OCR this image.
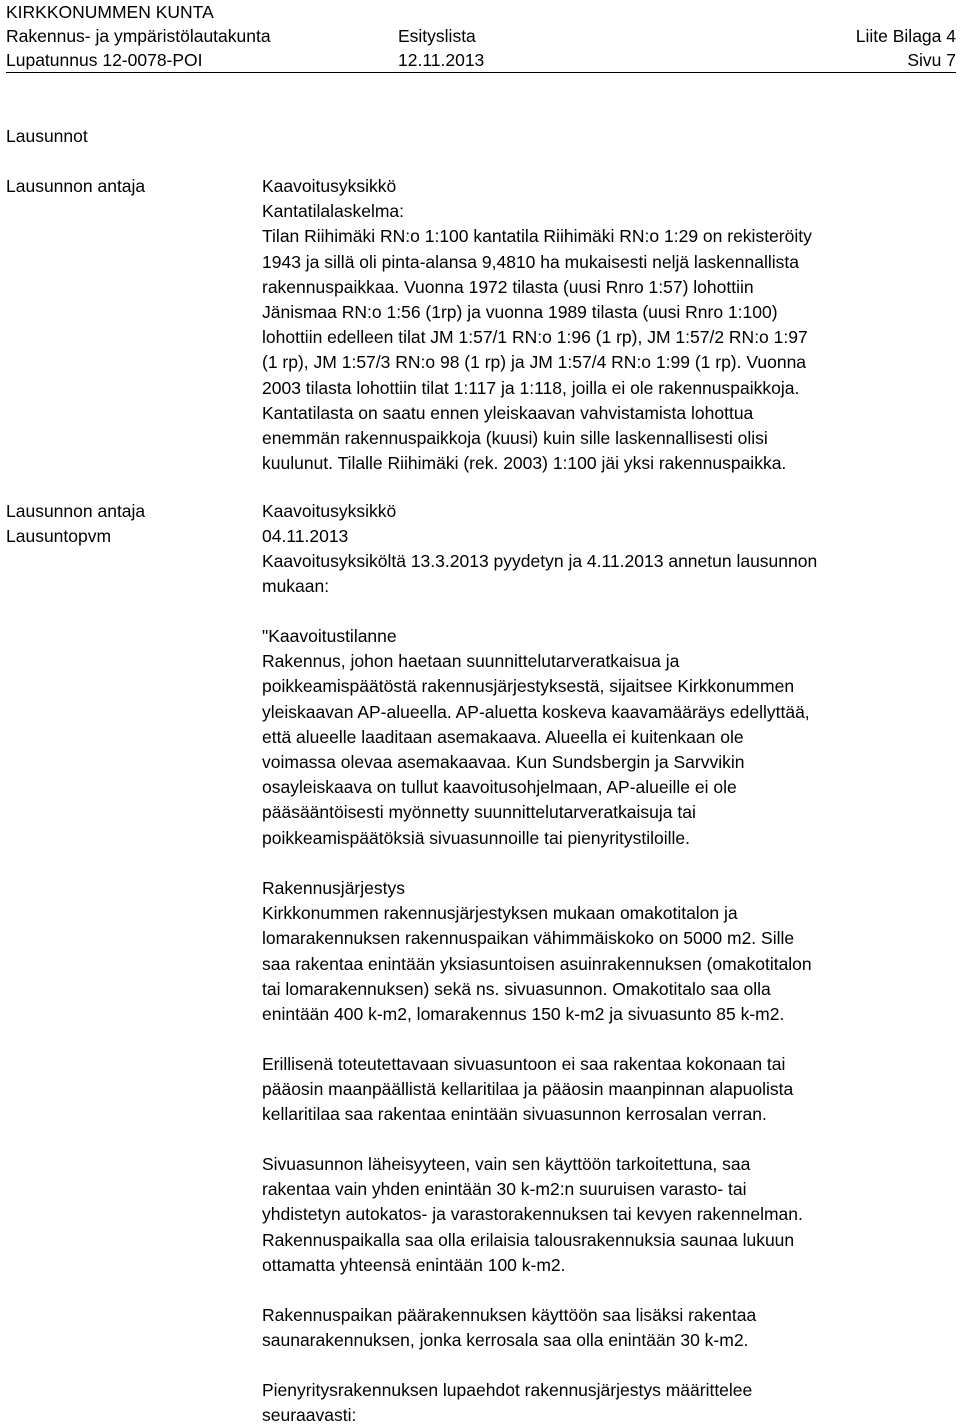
KIRKKONUMMEN KUNTA
Rakennus- ja ympäristölautakunta	Esityslista	Liite Bilaga 4
Lupatunnus 12-0078-POI	12.11.2013	Sivu 7
Lausunnot
Lausunnon antaja	Kaavoitusyksikkö
Kantatilalaskelma:
Tilan Riihimäki RN:o 1:100 kantatila Riihimäki RN:o 1:29 on rekisteröity
1943 ja sillä oli pinta-alansa 9,4810 ha mukaisesti neljä laskennallista
rakennuspaikkaa. Vuonna 1972 tilasta (uusi Rnro 1:57) lohottiin
Jänismaa RN:o 1:56 (1rp) ja vuonna 1989 tilasta (uusi Rnro 1:100)
lohottiin edelleen tilat JM 1:57/1 RN:o 1:96 (1 rp), JM 1:57/2 RN:o 1:97
(1 rp), JM 1:57/3 RN:o 98 (1 rp) ja JM 1:57/4 RN:o 1:99 (1 rp). Vuonna
2003 tilasta lohottiin tilat 1:117 ja 1:118, joilla ei ole rakennuspaikkoja.
Kantatilasta on saatu ennen yleiskaavan vahvistamista lohottua
enemmän rakennuspaikkoja (kuusi) kuin sille laskennallisesti olisi
kuulunut. Tilalle Riihimäki (rek. 2003) 1:100 jäi yksi rakennuspaikka.
Lausunnon antaja	Kaavoitusyksikkö
Lausuntopvm	04.11.2013
Kaavoitusyksiköltä 13.3.2013 pyydetyn ja 4.11.2013 annetun lausunnon
mukaan:
"Kaavoitustilanne
Rakennus, johon haetaan suunnittelutarveratkaisua ja
poikkeamispäätöstä rakennusjärjestyksestä, sijaitsee Kirkkonummen
yleiskaavan AP-alueella. AP-aluetta koskeva kaavamääräys edellyttää,
että alueelle laaditaan asemakaava. Alueella ei kuitenkaan ole
voimassa olevaa asemakaavaa. Kun Sundsbergin ja Sarvvikin
osayleiskaava on tullut kaavoitusohjelmaan, AP-alueille ei ole
pääsääntöisesti myönnetty suunnittelutarveratkaisuja tai
poikkeamispäätöksiä sivuasunnoille tai pienyritystiloille.
Rakennusjärjestys
Kirkkonummen rakennusjärjestyksen mukaan omakotitalon ja
lomarakennuksen rakennuspaikan vähimmäiskoko on 5000 m2. Sille
saa rakentaa enintään yksiasuntoisen asuinrakennuksen (omakotitalon
tai lomarakennuksen) sekä ns. sivuasunnon. Omakotitalo saa olla
enintään 400 k-m2, lomarakennus 150 k-m2 ja sivuasunto 85 k-m2.
Erillisenä toteutettavaan sivuasuntoon ei saa rakentaa kokonaan tai
pääosin maanpäällistä kellaritilaa ja pääosin maanpinnan alapuolista
kellaritilaa saa rakentaa enintään sivuasunnon kerrosalan verran.
Sivuasunnon läheisyyteen, vain sen käyttöön tarkoitettuna, saa
rakentaa vain yhden enintään 30 k-m2:n suuruisen varasto- tai
yhdistetyn autokatos- ja varastorakennuksen tai kevyen rakennelman.
Rakennuspaikalla saa olla erilaisia talousrakennuksia saunaa lukuun
ottamatta yhteensä enintään 100 k-m2.
Rakennuspaikan päärakennuksen käyttöön saa lisäksi rakentaa
saunarakennuksen, jonka kerrosala saa olla enintään 30 k-m2.
Pienyritysrakennuksen lupaehdot rakennusjärjestys määrittelee
seuraavasti:
